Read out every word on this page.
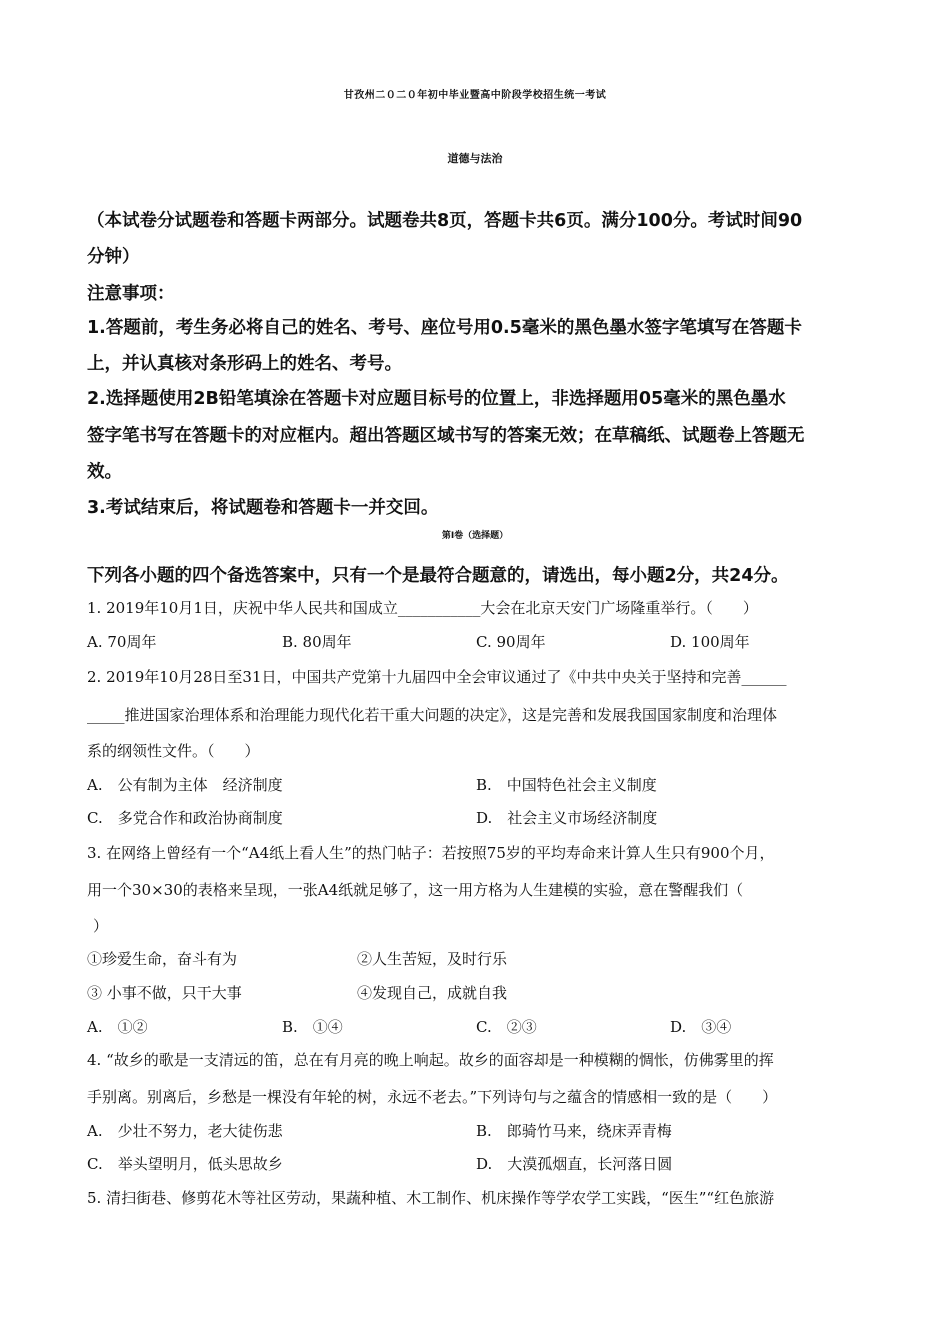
甘孜州二０二０年初中毕业暨高中阶段学校招生统一考试
道德与法治
（本试卷分试题卷和答题卡两部分。试题卷共8页，答题卡共6页。满分100分。考试时间90
分钟）
注意事项：
1.答题前，考生务必将自己的姓名、考号、座位号用0.5毫米的黑色墨水签字笔填写在答题卡
上，并认真核对条形码上的姓名、考号。
2.选择题使用2B铅笔填涂在答题卡对应题目标号的位置上，非选择题用05毫米的黑色墨水
签字笔书写在答题卡的对应框内。超出答题区域书写的答案无效；在草稿纸、试题卷上答题无
效。
3.考试结束后，将试题卷和答题卡一并交回。
第I卷（选择题）
下列各小题的四个备选答案中，只有一个是最符合题意的，请选出，每小题2分，共24分。
1. 2019年10月1日，庆祝中华人民共和国成立___________大会在北京天安门广场隆重举行。（　　）
A. 70周年	B. 80周年	C. 90周年	D. 100周年
2. 2019年10月28日至31日，中国共产党第十九届四中全会审议通过了《中共中央关于坚持和完善______
_____推进国家治理体系和治理能力现代化若干重大问题的决定》，这是完善和发展我国国家制度和治理体
系的纲领性文件。（　　）
A.　公有制为主体　经济制度	B.　中国特色社会主义制度
C.　多党合作和政治协商制度	D.　社会主义市场经济制度
3. 在网络上曾经有一个“A4纸上看人生”的热门帖子：若按照75岁的平均寿命来计算人生只有900个月，
用一个30×30的表格来呈现，一张A4纸就足够了，这一用方格为人生建模的实验，意在警醒我们（
）
①珍爱生命，奋斗有为	②人生苦短，及时行乐
③ 小事不做，只干大事	④发现自己，成就自我
A.　①②	B.　①④	C.　②③	D.　③④
4. “故乡的歌是一支清远的笛，总在有月亮的晚上响起。故乡的面容却是一种模糊的惆怅，仿佛雾里的挥
手别离。别离后，乡愁是一棵没有年轮的树，永远不老去。”下列诗句与之蕴含的情感相一致的是（　　）
A.　少壮不努力，老大徒伤悲	B.　郎骑竹马来，绕床弄青梅
C.　举头望明月，低头思故乡	D.　大漠孤烟直，长河落日圆
5. 清扫街巷、修剪花木等社区劳动，果蔬种植、木工制作、机床操作等学农学工实践，“医生”“红色旅游
